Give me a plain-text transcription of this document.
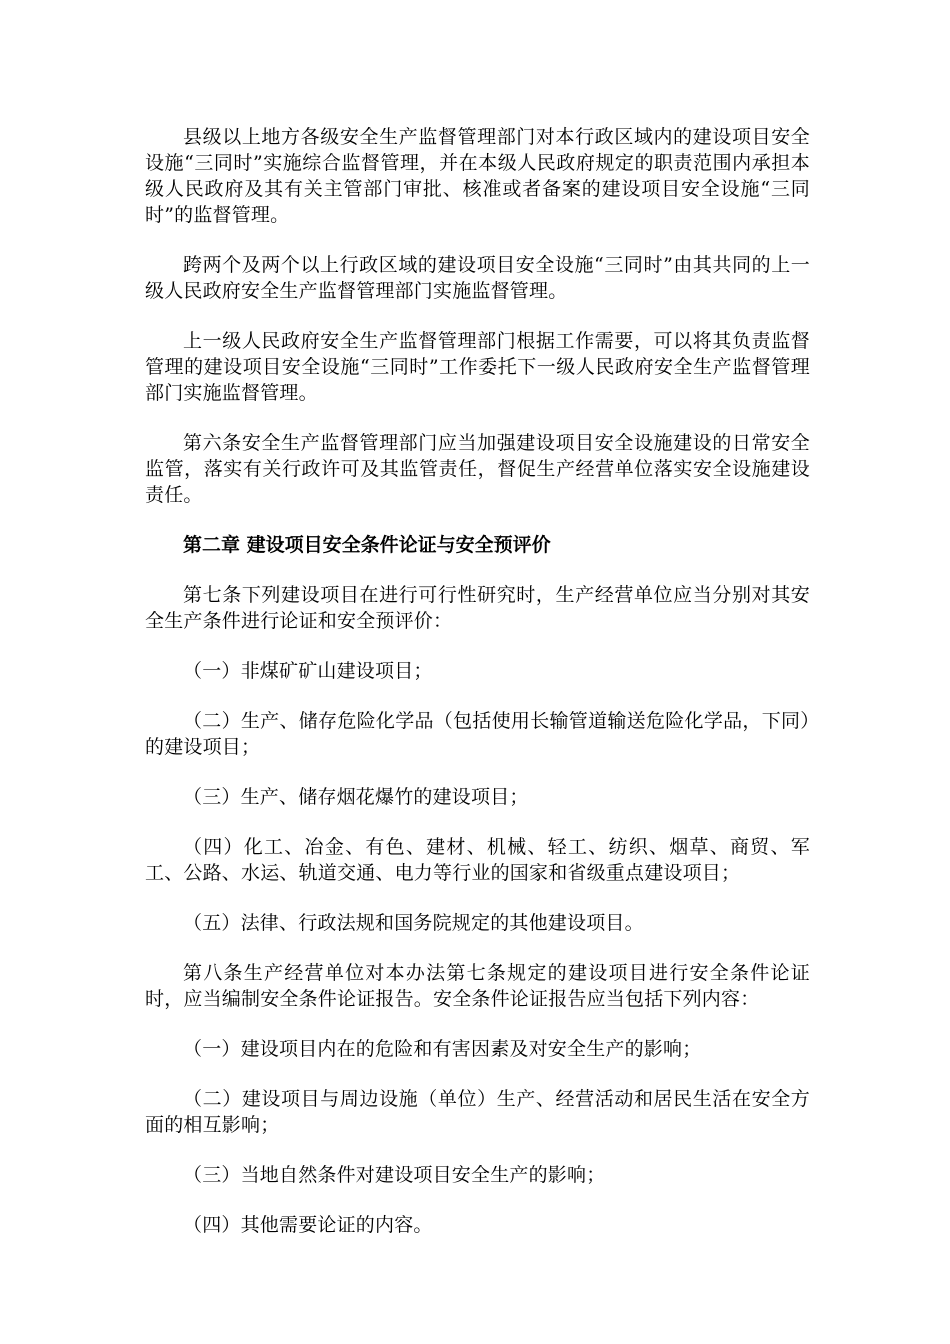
县级以上地方各级安全生产监督管理部门对本行政区域内的建设项目安全设施“三同时”实施综合监督管理，并在本级人民政府规定的职责范围内承担本级人民政府及其有关主管部门审批、核准或者备案的建设项目安全设施“三同时”的监督管理。

跨两个及两个以上行政区域的建设项目安全设施“三同时”由其共同的上一级人民政府安全生产监督管理部门实施监督管理。

上一级人民政府安全生产监督管理部门根据工作需要，可以将其负责监督管理的建设项目安全设施“三同时”工作委托下一级人民政府安全生产监督管理部门实施监督管理。

第六条安全生产监督管理部门应当加强建设项目安全设施建设的日常安全监管，落实有关行政许可及其监管责任，督促生产经营单位落实安全设施建设责任。

第二章 建设项目安全条件论证与安全预评价

第七条下列建设项目在进行可行性研究时，生产经营单位应当分别对其安全生产条件进行论证和安全预评价：

（一）非煤矿矿山建设项目；

（二）生产、储存危险化学品（包括使用长输管道输送危险化学品，下同）的建设项目；

（三）生产、储存烟花爆竹的建设项目；

（四）化工、冶金、有色、建材、机械、轻工、纺织、烟草、商贸、军工、公路、水运、轨道交通、电力等行业的国家和省级重点建设项目；

（五）法律、行政法规和国务院规定的其他建设项目。

第八条生产经营单位对本办法第七条规定的建设项目进行安全条件论证时，应当编制安全条件论证报告。安全条件论证报告应当包括下列内容：

（一）建设项目内在的危险和有害因素及对安全生产的影响；

（二）建设项目与周边设施（单位）生产、经营活动和居民生活在安全方面的相互影响；

（三）当地自然条件对建设项目安全生产的影响；

（四）其他需要论证的内容。
